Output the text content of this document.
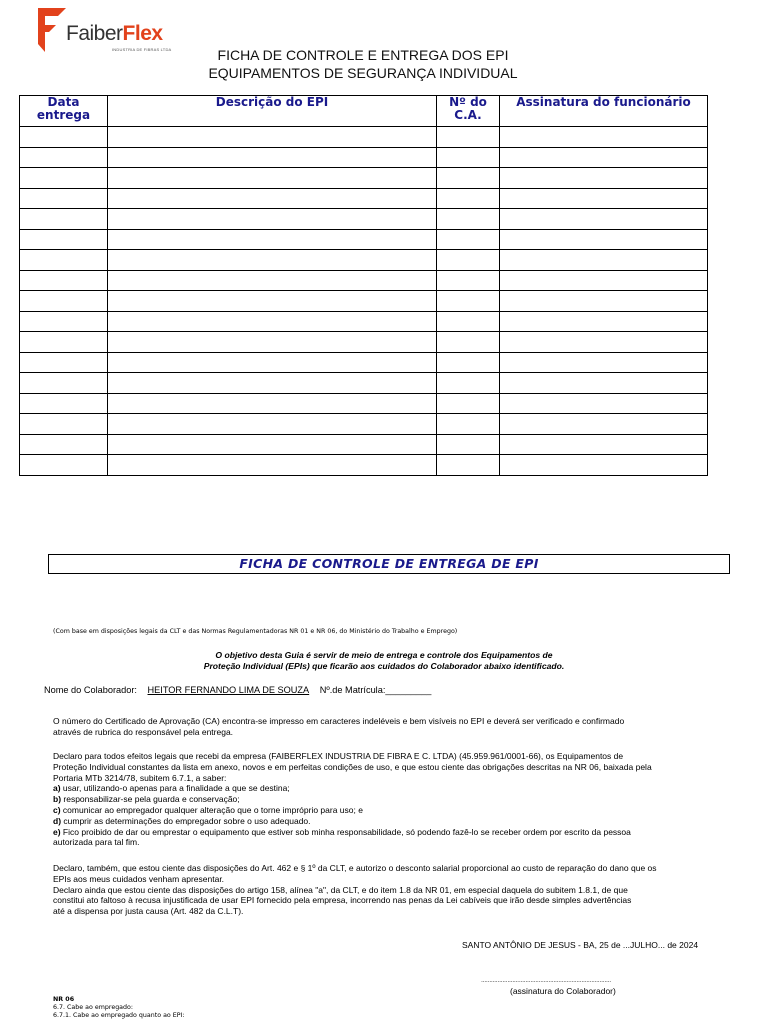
FaiberFlex
INDUSTRIA DE FIBRAS LTDA	FICHA DE CONTROLE E ENTREGA DOS EPI
EQUIPAMENTOS DE SEGURANÇA INDIVIDUAL
Data entrega	Descrição do EPI	Nº do C.A.	Assinatura do funcionário

FICHA DE CONTROLE DE ENTREGA DE EPI
(Com base em disposições legais da CLT e das Normas Regulamentadoras NR 01 e NR 06, do Ministério do Trabalho e Emprego)
O objetivo desta Guia é servir de meio de entrega e controle dos Equipamentos de
Proteção Individual (EPIs) que ficarão aos cuidados do Colaborador abaixo identificado.
Nome do Colaborador: HEITOR FERNANDO LIMA DE SOUZA Nº.de Matrícula:_________
O número do Certificado de Aprovação (CA) encontra-se impresso em caracteres indeléveis e bem visíveis no EPI e deverá ser verificado e confirmado
através de rubrica do responsável pela entrega.
Declaro para todos efeitos legais que recebi da empresa (FAIBERFLEX INDUSTRIA DE FIBRA E C. LTDA) (45.959.961/0001-66), os Equipamentos de
Proteção Individual constantes da lista em anexo, novos e em perfeitas condições de uso, e que estou ciente das obrigações descritas na NR 06, baixada pela
Portaria MTb 3214/78, subitem 6.7.1, a saber:
a) usar, utilizando-o apenas para a finalidade a que se destina;
b) responsabilizar-se pela guarda e conservação;
c) comunicar ao empregador qualquer alteração que o torne impróprio para uso; e
d) cumprir as determinações do empregador sobre o uso adequado.
e) Fico proibido de dar ou emprestar o equipamento que estiver sob minha responsabilidade, só podendo fazê-lo se receber ordem por escrito da pessoa
autorizada para tal fim.
Declaro, também, que estou ciente das disposições do Art. 462 e § 1º da CLT, e autorizo o desconto salarial proporcional ao custo de reparação do dano que os
EPIs aos meus cuidados venham apresentar.
Declaro ainda que estou ciente das disposições do artigo 158, alínea "a", da CLT, e do item 1.8 da NR 01, em especial daquela do subitem 1.8.1, de que
constitui ato faltoso à recusa injustificada de usar EPI fornecido pela empresa, incorrendo nas penas da Lei cabíveis que irão desde simples advertências
até a dispensa por justa causa (Art. 482 da C.L.T).
SANTO ANTÔNIO DE JESUS - BA, 25 de ...JULHO... de 2024
...............................................................................
(assinatura do Colaborador)
NR 06
6.7. Cabe ao empregado:
6.7.1. Cabe ao empregado quanto ao EPI:
